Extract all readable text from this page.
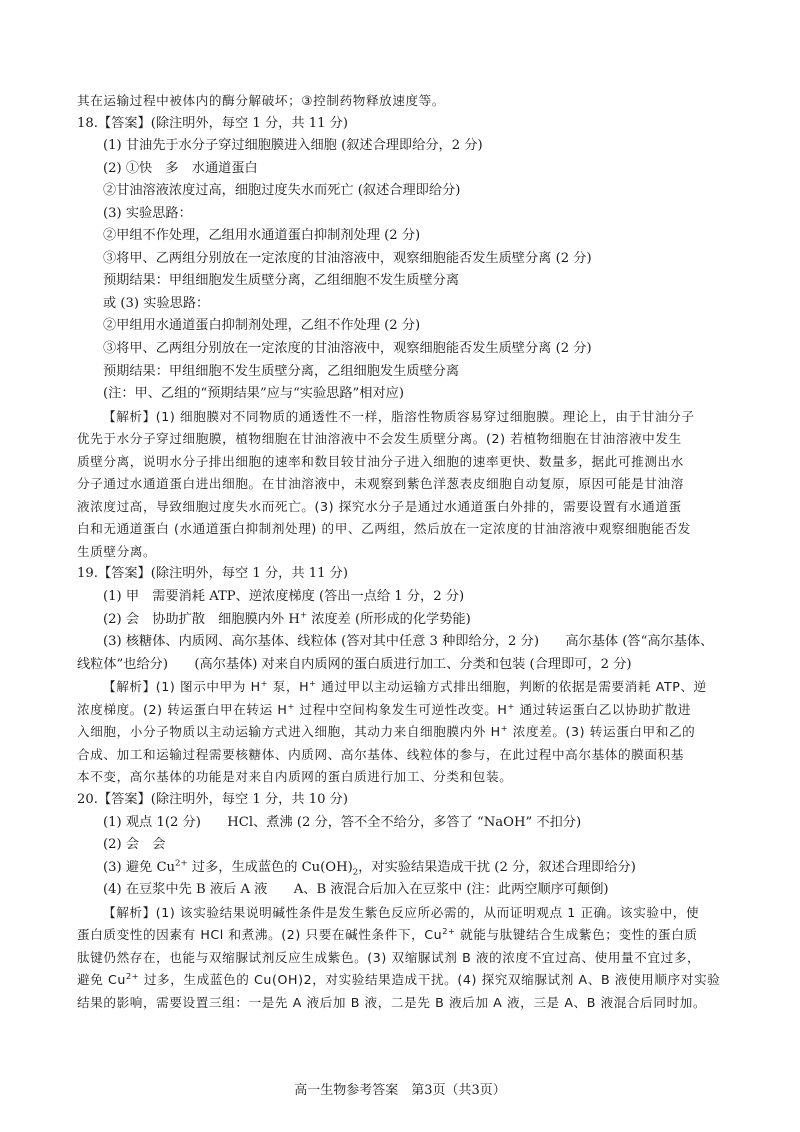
其在运输过程中被体内的酶分解破坏；③控制药物释放速度等。
18.【答案】(除注明外，每空 1 分，共 11 分)
(1) 甘油先于水分子穿过细胞膜进入细胞 (叙述合理即给分，2 分)
(2) ①快　多　水通道蛋白
②甘油溶液浓度过高，细胞过度失水而死亡 (叙述合理即给分)
(3) 实验思路：
②甲组不作处理，乙组用水通道蛋白抑制剂处理 (2 分)
③将甲、乙两组分别放在一定浓度的甘油溶液中，观察细胞能否发生质壁分离 (2 分)
预期结果：甲组细胞发生质壁分离，乙组细胞不发生质壁分离
或 (3) 实验思路：
②甲组用水通道蛋白抑制剂处理，乙组不作处理 (2 分)
③将甲、乙两组分别放在一定浓度的甘油溶液中，观察细胞能否发生质壁分离 (2 分)
预期结果：甲组细胞不发生质壁分离，乙组细胞发生质壁分离
(注：甲、乙组的“预期结果”应与“实验思路”相对应)
【解析】(1) 细胞膜对不同物质的通透性不一样，脂溶性物质容易穿过细胞膜。理论上，由于甘油分子
优先于水分子穿过细胞膜，植物细胞在甘油溶液中不会发生质壁分离。(2) 若植物细胞在甘油溶液中发生
质壁分离，说明水分子排出细胞的速率和数目较甘油分子进入细胞的速率更快、数量多，据此可推测出水
分子通过水通道蛋白进出细胞。在甘油溶液中，未观察到紫色洋葱表皮细胞自动复原，原因可能是甘油溶
液浓度过高，导致细胞过度失水而死亡。(3) 探究水分子是通过水通道蛋白外排的，需要设置有水通道蛋
白和无通道蛋白 (水通道蛋白抑制剂处理) 的甲、乙两组，然后放在一定浓度的甘油溶液中观察细胞能否发
生质壁分离。
19.【答案】(除注明外，每空 1 分，共 11 分)
(1) 甲　需要消耗 ATP、逆浓度梯度 (答出一点给 1 分，2 分)
(2) 会　协助扩散　细胞膜内外 H+ 浓度差 (所形成的化学势能)
(3) 核糖体、内质网、高尔基体、线粒体 (答对其中任意 3 种即给分，2 分)　　高尔基体 (答“高尔基体、
线粒体”也给分)　　(高尔基体) 对来自内质网的蛋白质进行加工、分类和包装 (合理即可，2 分)
【解析】(1) 图示中甲为 H+ 泵，H+ 通过甲以主动运输方式排出细胞，判断的依据是需要消耗 ATP、逆
浓度梯度。(2) 转运蛋白甲在转运 H+ 过程中空间构象发生可逆性改变。H+ 通过转运蛋白乙以协助扩散进
入细胞，小分子物质以主动运输方式进入细胞，其动力来自细胞膜内外 H+ 浓度差。(3) 转运蛋白甲和乙的
合成、加工和运输过程需要核糖体、内质网、高尔基体、线粒体的参与，在此过程中高尔基体的膜面积基
本不变，高尔基体的功能是对来自内质网的蛋白质进行加工、分类和包装。
20.【答案】(除注明外，每空 1 分，共 10 分)
(1) 观点 1(2 分)　　HCl、煮沸 (2 分，答不全不给分，多答了 “NaOH” 不扣分)
(2) 会　会
(3) 避免 $Cu^{2+}$ 过多，生成蓝色的 $Cu(OH)_2$，对实验结果造成干扰 (2 分，叙述合理即给分)
(4) 在豆浆中先 B 液后 A 液　　A、B 液混合后加入在豆浆中 (注：此两空顺序可颠倒)
【解析】(1) 该实验结果说明碱性条件是发生紫色反应所必需的，从而证明观点 1 正确。该实验中，使
蛋白质变性的因素有 HCl 和煮沸。(2) 只要在碱性条件下，$Cu^{2+}$ 就能与肽键结合生成紫色；变性的蛋白质
肽键仍然存在，也能与双缩脲试剂反应生成紫色。(3) 双缩脲试剂 B 液的浓度不宜过高、使用量不宜过多，
避免 $Cu^{2+}$ 过多，生成蓝色的 Cu(OH)2，对实验结果造成干扰。(4) 探究双缩脲试剂 A、B 液使用顺序对实验
结果的影响，需要设置三组：一是先 A 液后加 B 液，二是先 B 液后加 A 液，三是 A、B 液混合后同时加。
高一生物参考答案　第3页（共3页）
